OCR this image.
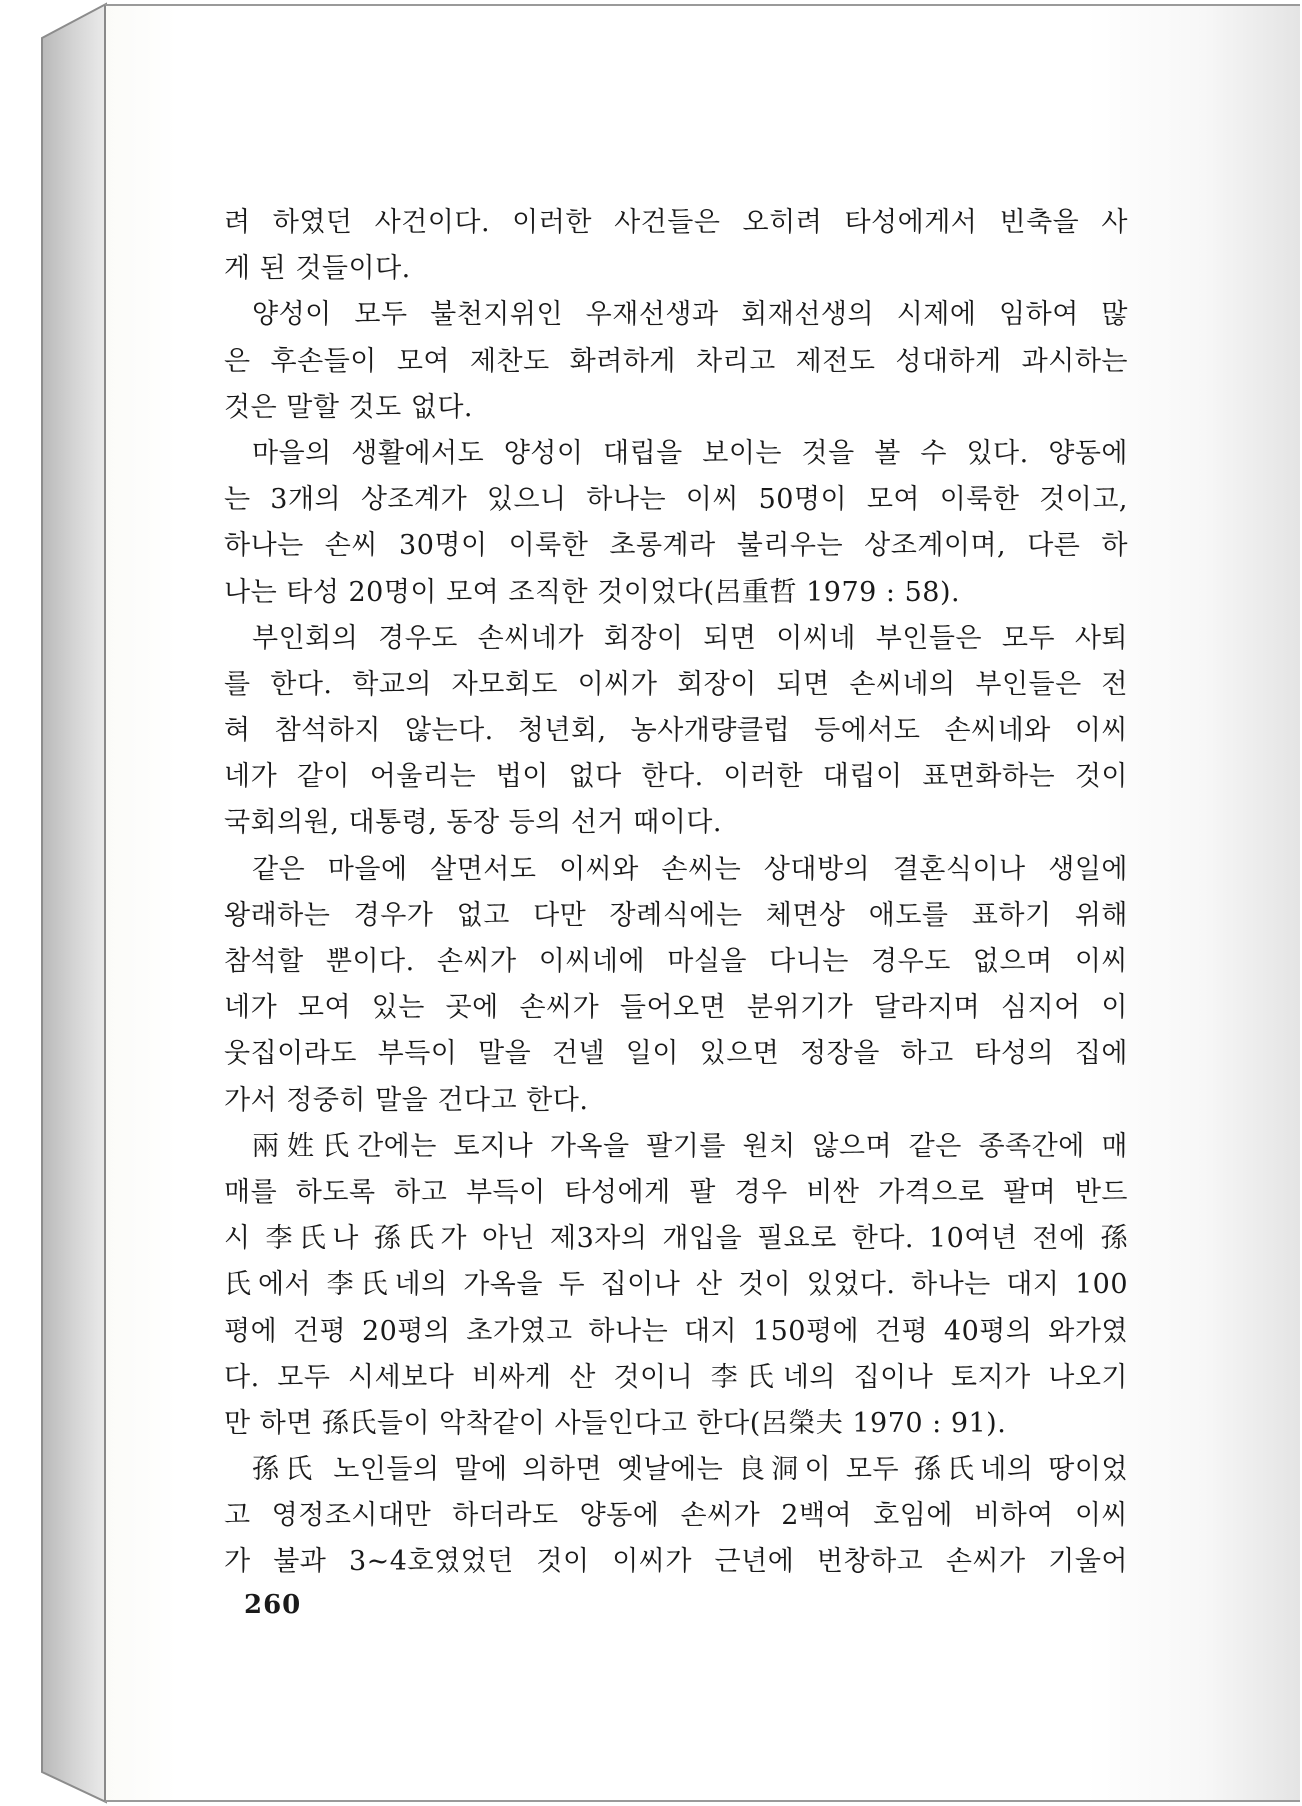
려 하였던 사건이다. 이러한 사건들은 오히려 타성에게서 빈축을 사
게 된 것들이다.
양성이 모두 불천지위인 우재선생과 회재선생의 시제에 임하여 많
은 후손들이 모여 제찬도 화려하게 차리고 제전도 성대하게 과시하는
것은 말할 것도 없다.
마을의 생활에서도 양성이 대립을 보이는 것을 볼 수 있다. 양동에
는 3개의 상조계가 있으니 하나는 이씨 50명이 모여 이룩한 것이고,
하나는 손씨 30명이 이룩한 초롱계라 불리우는 상조계이며, 다른 하
나는 타성 20명이 모여 조직한 것이었다(呂重哲 1979 : 58).
부인회의 경우도 손씨네가 회장이 되면 이씨네 부인들은 모두 사퇴
를 한다. 학교의 자모회도 이씨가 회장이 되면 손씨네의 부인들은 전
혀 참석하지 않는다. 청년회, 농사개량클럽 등에서도 손씨네와 이씨
네가 같이 어울리는 법이 없다 한다. 이러한 대립이 표면화하는 것이
국회의원, 대통령, 동장 등의 선거 때이다.
같은 마을에 살면서도 이씨와 손씨는 상대방의 결혼식이나 생일에
왕래하는 경우가 없고 다만 장례식에는 체면상 애도를 표하기 위해
참석할 뿐이다. 손씨가 이씨네에 마실을 다니는 경우도 없으며 이씨
네가 모여 있는 곳에 손씨가 들어오면 분위기가 달라지며 심지어 이
웃집이라도 부득이 말을 건넬 일이 있으면 정장을 하고 타성의 집에
가서 정중히 말을 건다고 한다.
兩姓氏간에는 토지나 가옥을 팔기를 원치 않으며 같은 종족간에 매
매를 하도록 하고 부득이 타성에게 팔 경우 비싼 가격으로 팔며 반드
시 李氏나 孫氏가 아닌 제3자의 개입을 필요로 한다. 10여년 전에 孫
氏에서 李氏네의 가옥을 두 집이나 산 것이 있었다. 하나는 대지 100
평에 건평 20평의 초가였고 하나는 대지 150평에 건평 40평의 와가였
다. 모두 시세보다 비싸게 산 것이니 李氏네의 집이나 토지가 나오기
만 하면 孫氏들이 악착같이 사들인다고 한다(呂榮夫 1970 : 91).
孫氏 노인들의 말에 의하면 옛날에는 良洞이 모두 孫氏네의 땅이었
고 영정조시대만 하더라도 양동에 손씨가 2백여 호임에 비하여 이씨
가 불과 3~4호였었던 것이 이씨가 근년에 번창하고 손씨가 기울어
260
